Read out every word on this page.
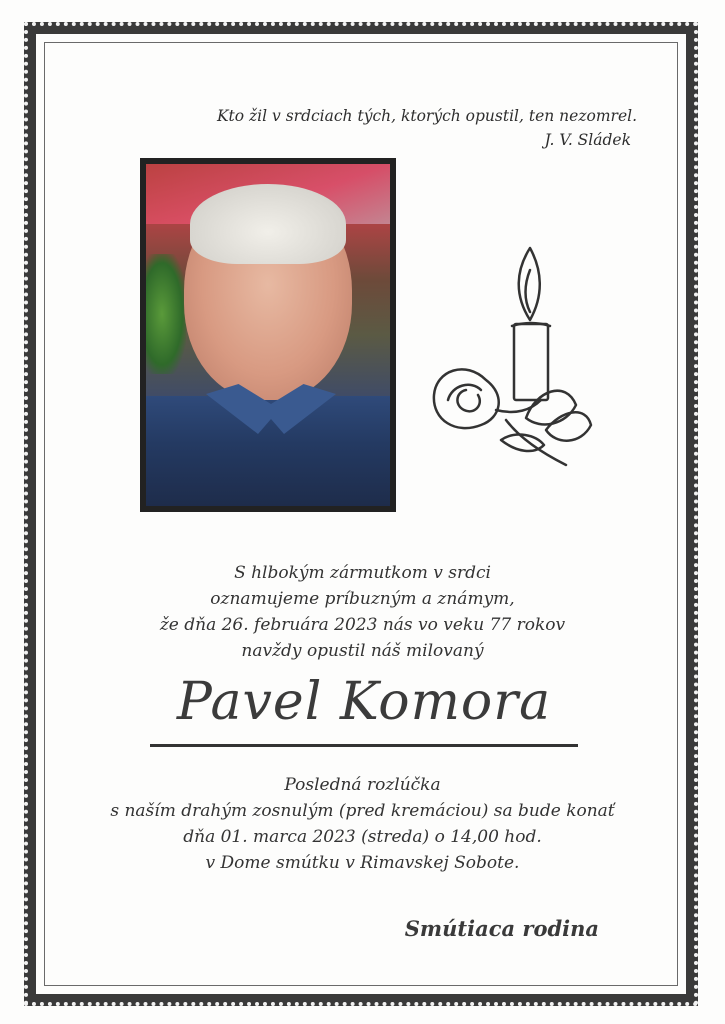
Kto žil v srdciach tých, ktorých opustil, ten nezomrel.
J. V. Sládek
S hlbokým zármutkom v srdci
oznamujeme príbuzným a známym,
že dňa 26. februára 2023 nás vo veku 77 rokov
navždy opustil náš milovaný
Pavel Komora
Posledná rozlúčka
s naším drahým zosnulým (pred kremáciou) sa bude konať
dňa 01. marca 2023 (streda) o 14,00 hod.
v Dome smútku v Rimavskej Sobote.
Smútiaca rodina
